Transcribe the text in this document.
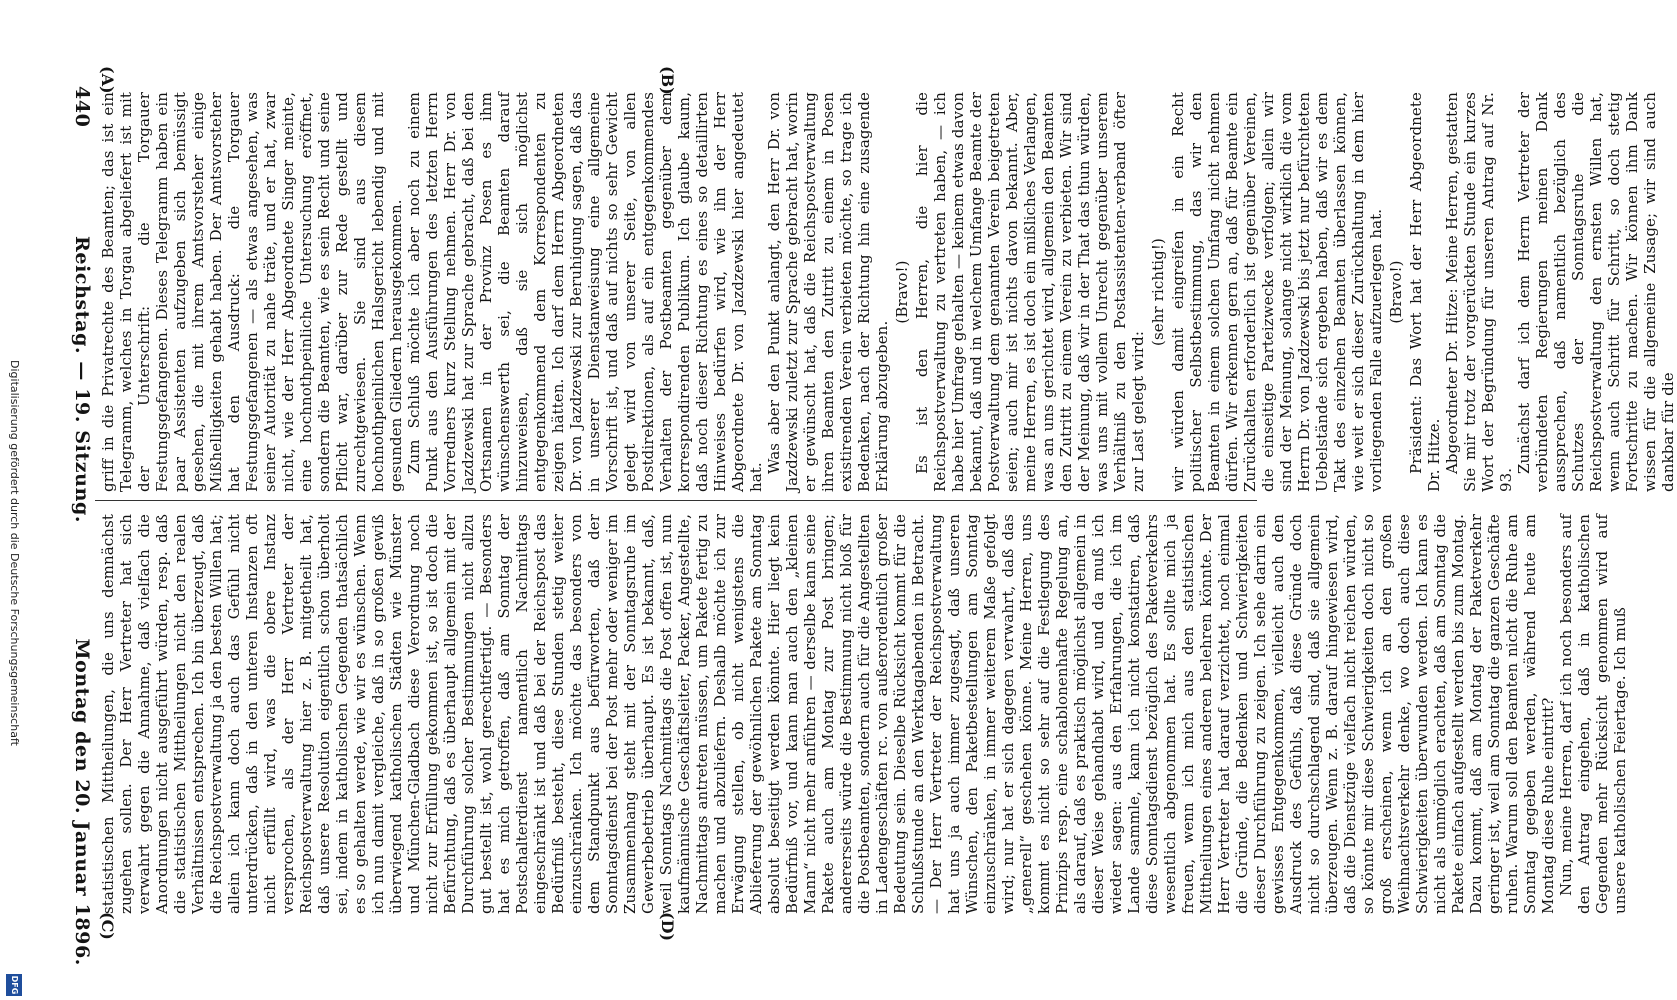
440
Reichstag. — 19. Sitzung.
Montag den 20. Januar 1896.
(A)	(B)
(C)	(D)

griff in die Privatrechte des Beamten; das ist ein Telegramm, welches in Torgau abgeliefert ist mit der Unterschrift: die Torgauer Festungsgefangenen. Dieses Telegramm haben ein paar Assistenten aufzugeben sich bemüssigt gesehen, die mit ihrem Amtsvorsteher einige Mißhelligkeiten gehabt haben. Der Amtsvorsteher hat den Ausdruck: die Torgauer Festungsgefangenen — als etwas angesehen, was seiner Autorität zu nahe träte, und er hat, zwar nicht, wie der Herr Abgeordnete Singer meinte, eine hochnothpeinliche Untersuchung eröffnet, sondern die Beamten, wie es sein Recht und seine Pflicht war, darüber zur Rede gestellt und zurechtgewiesen. Sie sind aus diesem hochnothpeinlichen Halsgericht lebendig und mit gesunden Gliedern herausgekommen. Zum Schluß möchte ich aber noch zu einem Punkt aus den Ausführungen des letzten Herrn Vorredners kurz Stellung nehmen. Herr Dr. von Jazdzewski hat zur Sprache gebracht, daß bei den Ortsnamen in der Provinz Posen es ihm wünschenswerth sei, die Beamten darauf hinzuweisen, daß sie sich möglichst entgegenkommend dem Korrespondenten zu zeigen hätten. Ich darf dem Herrn Abgeordneten Dr. von Jazdzewski zur Beruhigung sagen, daß das in unserer Dienstanweisung eine allgemeine Vorschrift ist, und daß auf nichts so sehr Gewicht gelegt wird von unserer Seite, von allen Postdirektionen, als auf ein entgegenkommendes Verhalten der Postbeamten gegenüber dem korrespondirenden Publikum. Ich glaube kaum, daß noch dieser Richtung es eines so detaillirten Hinweises bedürfen wird, wie ihn der Herr Abgeordnete Dr. von Jazdzewski hier angedeutet hat.

Was aber den Punkt anlangt, den Herr Dr. von Jazdzewski zuletzt zur Sprache gebracht hat, worin er gewünscht hat, daß die Reichspostverwaltung ihren Beamten den Zutritt zu einem in Posen existirenden Verein verbieten möchte, so trage ich Bedenken, nach der Richtung hin eine zusagende Erklärung abzugeben.

(Bravo!) Es ist den Herren, die hier die Reichspostverwaltung zu vertreten haben, — ich habe hier Umfrage gehalten — keinem etwas davon bekannt, daß und in welchem Umfange Beamte der Postverwaltung dem genannten Verein beigetreten seien; auch mir ist nichts davon bekannt. Aber, meine Herren, es ist doch ein mißliches Verlangen, was an uns gerichtet wird, allgemein den Beamten den Zutritt zu einem Verein zu verbieten. Wir sind der Meinung, daß wir in der That das thun würden, was uns mit vollem Unrecht gegenüber unserem Verhältniß zu den Postassistenten-verband öfter zur Last gelegt wird:

(sehr richtig!) wir würden damit eingreifen in ein Recht politischer Selbstbestimmung, das wir den Beamten in einem solchen Umfang nicht nehmen dürfen. Wir erkennen gern an, daß für Beamte ein Zurückhalten erforderlich ist gegenüber Vereinen, die einseitige Parteizwecke verfolgen; allein wir sind der Meinung, solange nicht wirklich die vom Herrn Dr. von Jazdzewski bis jetzt nur befürchteten Uebelstände sich ergeben haben, daß wir es dem Takt des einzelnen Beamten überlassen können, wie weit er sich dieser Zurückhaltung in dem hier vorliegenden Falle aufzuerlegen hat. (Bravo!) Präsident: Das Wort hat der Herr Abgeordnete Dr. Hitze. Abgeordneter Dr. Hitze: Meine Herren, gestatten Sie mir trotz der vorgerückten Stunde ein kurzes Wort der Begründung für unseren Antrag auf Nr. 93.

Zunächst darf ich dem Herrn Vertreter der verbündeten Regierungen meinen Dank aussprechen, daß namentlich bezüglich des Schutzes der Sonntagsruhe die Reichspostverwaltung den ernsten Willen hat, wenn auch Schritt für Schritt, so doch stetig Fortschritte zu machen. Wir können ihm Dank wissen für die allgemeine Zusage; wir sind auch dankbar für die

statistischen Mittheilungen, die uns demnächst zugehen sollen. Der Herr Vertreter hat sich verwahrt gegen die Annahme, daß vielfach die Anordnungen nicht ausgeführt würden, resp. daß die statistischen Mittheilungen nicht den realen Verhältnissen entsprechen. Ich bin überzeugt, daß die Reichspostverwaltung ja den besten Willen hat; allein ich kann doch auch das Gefühl nicht unterdrücken, daß in den unteren Instanzen oft nicht erfüllt wird, was die obere Instanz versprochen, als der Herr Vertreter der Reichspostverwaltung hier z. B. mitgetheilt hat, daß unsere Resolution eigentlich schon überholt sei, indem in katholischen Gegenden thatsächlich es so gehalten werde, wie wir es wünschen. Wenn ich nun damit vergleiche, daß in so großen gewiß überwiegend katholischen Städten wie Münster und München-Gladbach diese Verordnung noch nicht zur Erfüllung gekommen ist, so ist doch die Befürchtung, daß es überhaupt allgemein mit der Durchführung solcher Bestimmungen nicht allzu gut bestellt ist, wohl gerechtfertigt. — Besonders hat es mich getroffen, daß am Sonntag der Postschalterdienst namentlich Nachmittags eingeschränkt ist und daß bei der Reichspost das Bedürfniß besteht, diese Stunden stetig weiter einzuschränken. Ich möchte das besonders von dem Standpunkt aus befürworten, daß der Sonntagsdienst bei der Post mehr oder weniger im Zusammenhang steht mit der Sonntagsruhe im Gewerbebetrieb überhaupt. Es ist bekannt, daß, weil Sonntags Nachmittags die Post offen ist, nun kaufmännische Geschäftsleiter, Packer, Angestellte, Nachmittags antreten müssen, um Pakete fertig zu machen und abzuliefern. Deshalb möchte ich zur Erwägung stellen, ob nicht wenigstens die Ablieferung der gewöhnlichen Pakete am Sonntag absolut beseitigt werden könnte. Hier liegt kein Bedürfniß vor, und kann man auch den „kleinen Mann“ nicht mehr anführen — derselbe kann seine Pakete auch am Montag zur Post bringen; andererseits würde die Bestimmung nicht bloß für die Postbeamten, sondern auch für die Angestellten in Ladengeschäften rc. von außerordentlich großer Bedeutung sein. Dieselbe Rücksicht kommt für die Schlußstunde an den Werktagabenden in Betracht. — Der Herr Vertreter der Reichspostverwaltung hat uns ja auch immer zugesagt, daß unseren Wünschen, den Paketbestellungen am Sonntag einzuschränken, in immer weiterem Maße gefolgt wird; nur hat er sich dagegen verwahrt, daß das „generell“ geschehen könne. Meine Herren, uns kommt es nicht so sehr auf die Festlegung des Prinzips resp. eine schablonenhafte Regelung an, als darauf, daß es praktisch möglichst allgemein in dieser Weise gehandhabt wird, und da muß ich wieder sagen: aus den Erfahrungen, die ich im Lande sammle, kann ich nicht konstatiren, daß diese Sonntagsdienst bezüglich des Paketverkehrs wesentlich abgenommen hat. Es sollte mich ja freuen, wenn ich mich aus den statistischen Mittheilungen eines anderen belehren könnte. Der Herr Vertreter hat darauf verzichtet, noch einmal die Gründe, die Bedenken und Schwierigkeiten dieser Durchführung zu zeigen. Ich sehe darin ein gewisses Entgegenkommen, vielleicht auch den Ausdruck des Gefühls, daß diese Gründe doch nicht so durchschlagend sind, daß sie allgemein überzeugen. Wenn z. B. darauf hingewiesen wird, daß die Dienstzüge vielfach nicht reichen würden, so könnte mir diese Schwierigkeiten doch nicht so groß erscheinen, wenn ich an den großen Weihnachtsverkehr denke, wo doch auch diese Schwierigkeiten überwunden werden. Ich kann es nicht als unmöglich erachten, daß am Sonntag die Pakete einfach aufgestellt werden bis zum Montag. Dazu kommt, daß am Montag der Paketverkehr geringer ist, weil am Sonntag die ganzen Geschäfte ruhen. Warum soll den Beamten nicht die Ruhe am Sonntag gegeben werden, während heute am Montag diese Ruhe eintritt? Nun, meine Herren, darf ich noch besonders auf den Antrag eingehen, daß in katholischen Gegenden mehr Rücksicht genommen wird auf unsere katholischen Feiertage. Ich muß

DFG
Digitalisierung gefördert durch die Deutsche Forschungsgemeinschaft
